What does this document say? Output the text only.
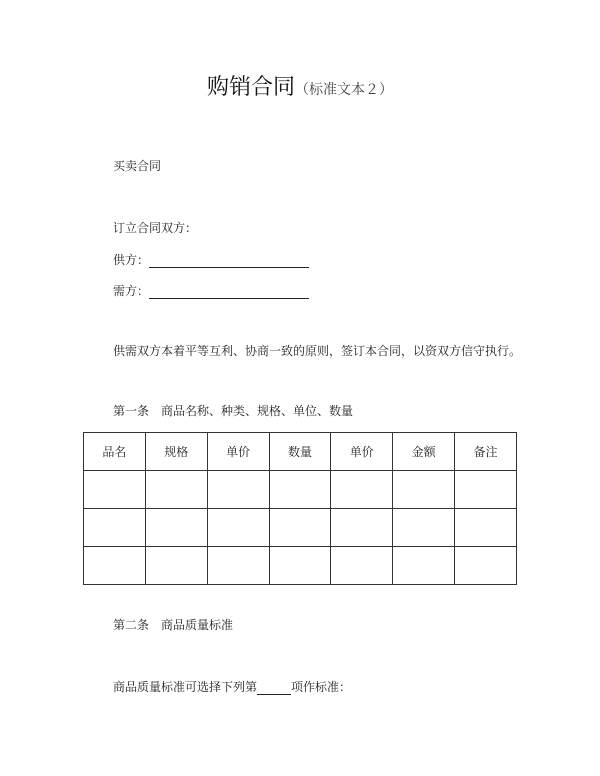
购销合同（标准文本２）
买卖合同
订立合同双方：
供方：
需方：
供需双方本着平等互利、协商一致的原则，签订本合同，以资双方信守执行。
第一条　商品名称、种类、规格、单位、数量
品名	规格	单价	数量	单价	金额	备注

第二条　商品质量标准
商品质量标准可选择下列第	项作标准：
